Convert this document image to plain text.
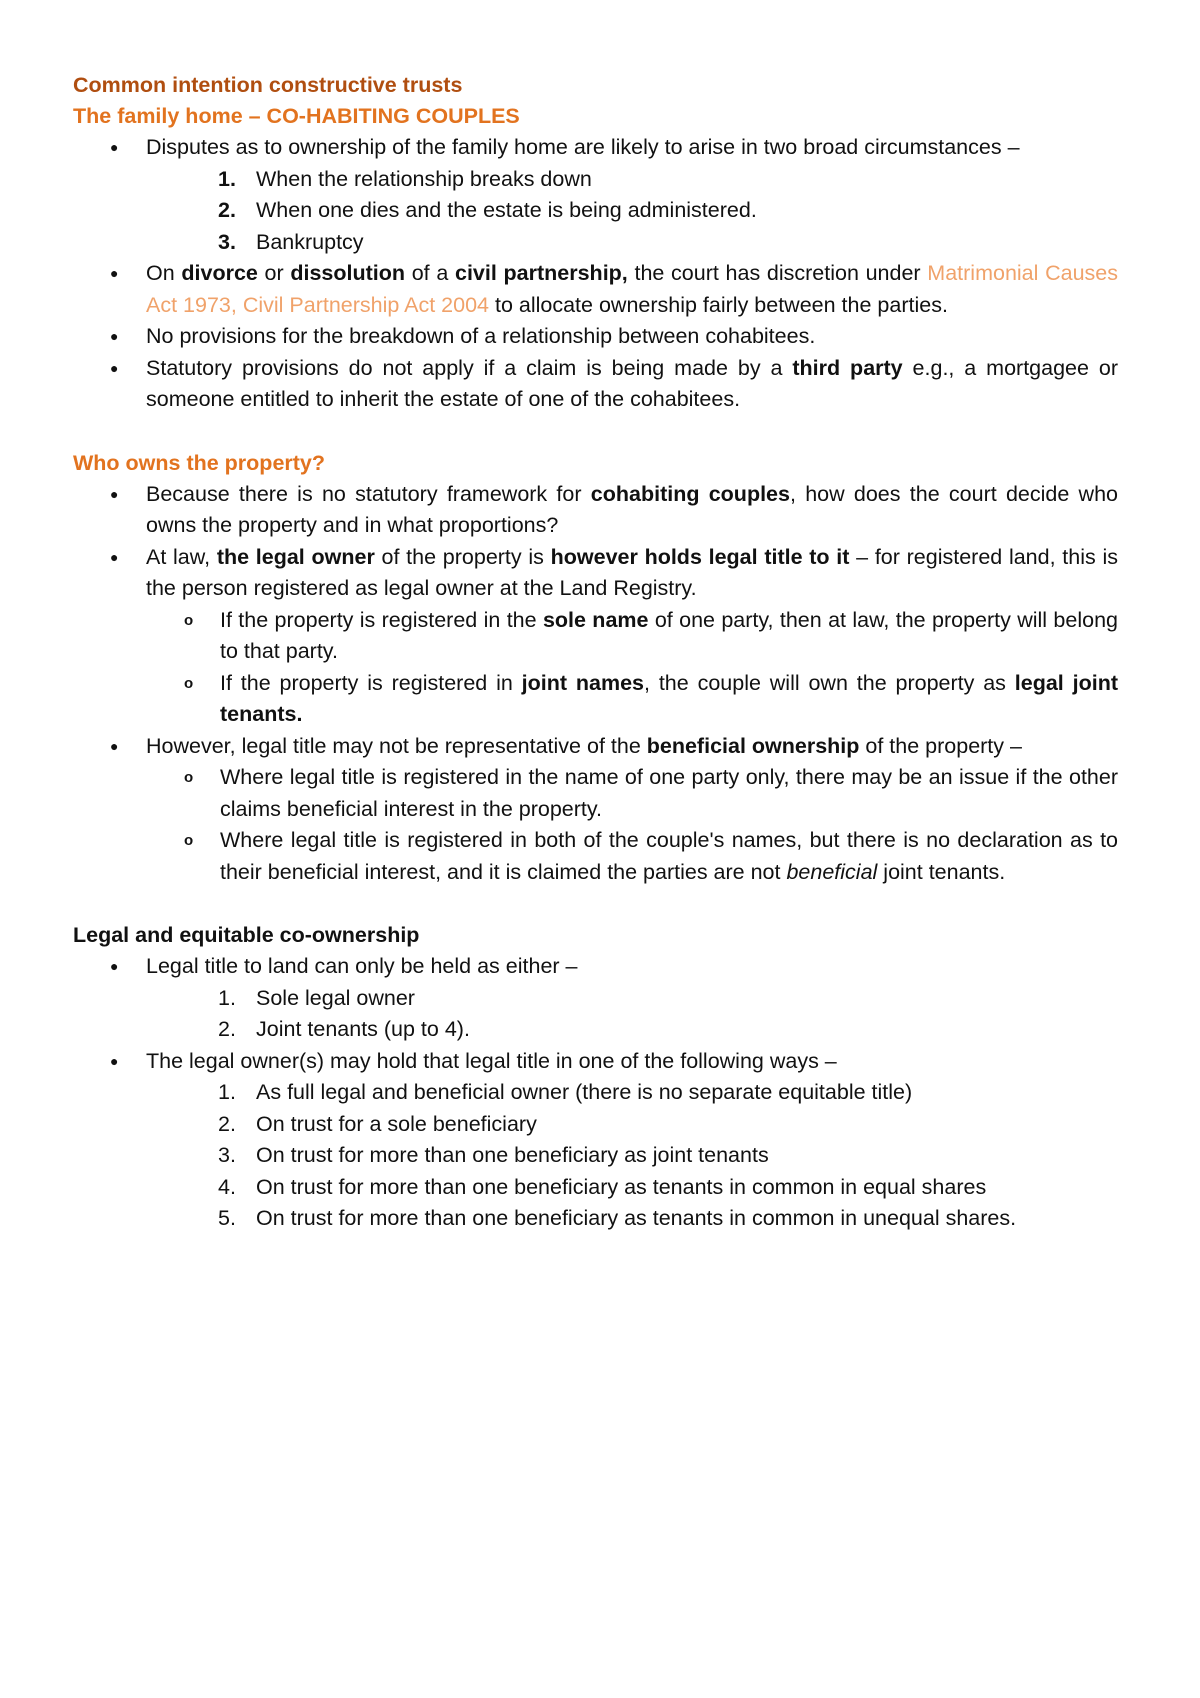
Common intention constructive trusts

The family home – CO-HABITING COUPLES

● Disputes as to ownership of the family home are likely to arise in two broad circumstances –
1. When the relationship breaks down
2. When one dies and the estate is being administered.
3. Bankruptcy
● On divorce or dissolution of a civil partnership, the court has discretion under Matrimonial Causes Act 1973, Civil Partnership Act 2004 to allocate ownership fairly between the parties.
● No provisions for the breakdown of a relationship between cohabitees.
● Statutory provisions do not apply if a claim is being made by a third party e.g., a mortgagee or someone entitled to inherit the estate of one of the cohabitees.

Who owns the property?

● Because there is no statutory framework for cohabiting couples, how does the court decide who owns the property and in what proportions?
● At law, the legal owner of the property is however holds legal title to it – for registered land, this is the person registered as legal owner at the Land Registry.
o If the property is registered in the sole name of one party, then at law, the property will belong to that party.
o If the property is registered in joint names, the couple will own the property as legal joint tenants.
● However, legal title may not be representative of the beneficial ownership of the property –
o Where legal title is registered in the name of one party only, there may be an issue if the other claims beneficial interest in the property.
o Where legal title is registered in both of the couple's names, but there is no declaration as to their beneficial interest, and it is claimed the parties are not beneficial joint tenants.

Legal and equitable co-ownership

● Legal title to land can only be held as either –
1. Sole legal owner
2. Joint tenants (up to 4).
● The legal owner(s) may hold that legal title in one of the following ways –
1. As full legal and beneficial owner (there is no separate equitable title)
2. On trust for a sole beneficiary
3. On trust for more than one beneficiary as joint tenants
4. On trust for more than one beneficiary as tenants in common in equal shares
5. On trust for more than one beneficiary as tenants in common in unequal shares.
